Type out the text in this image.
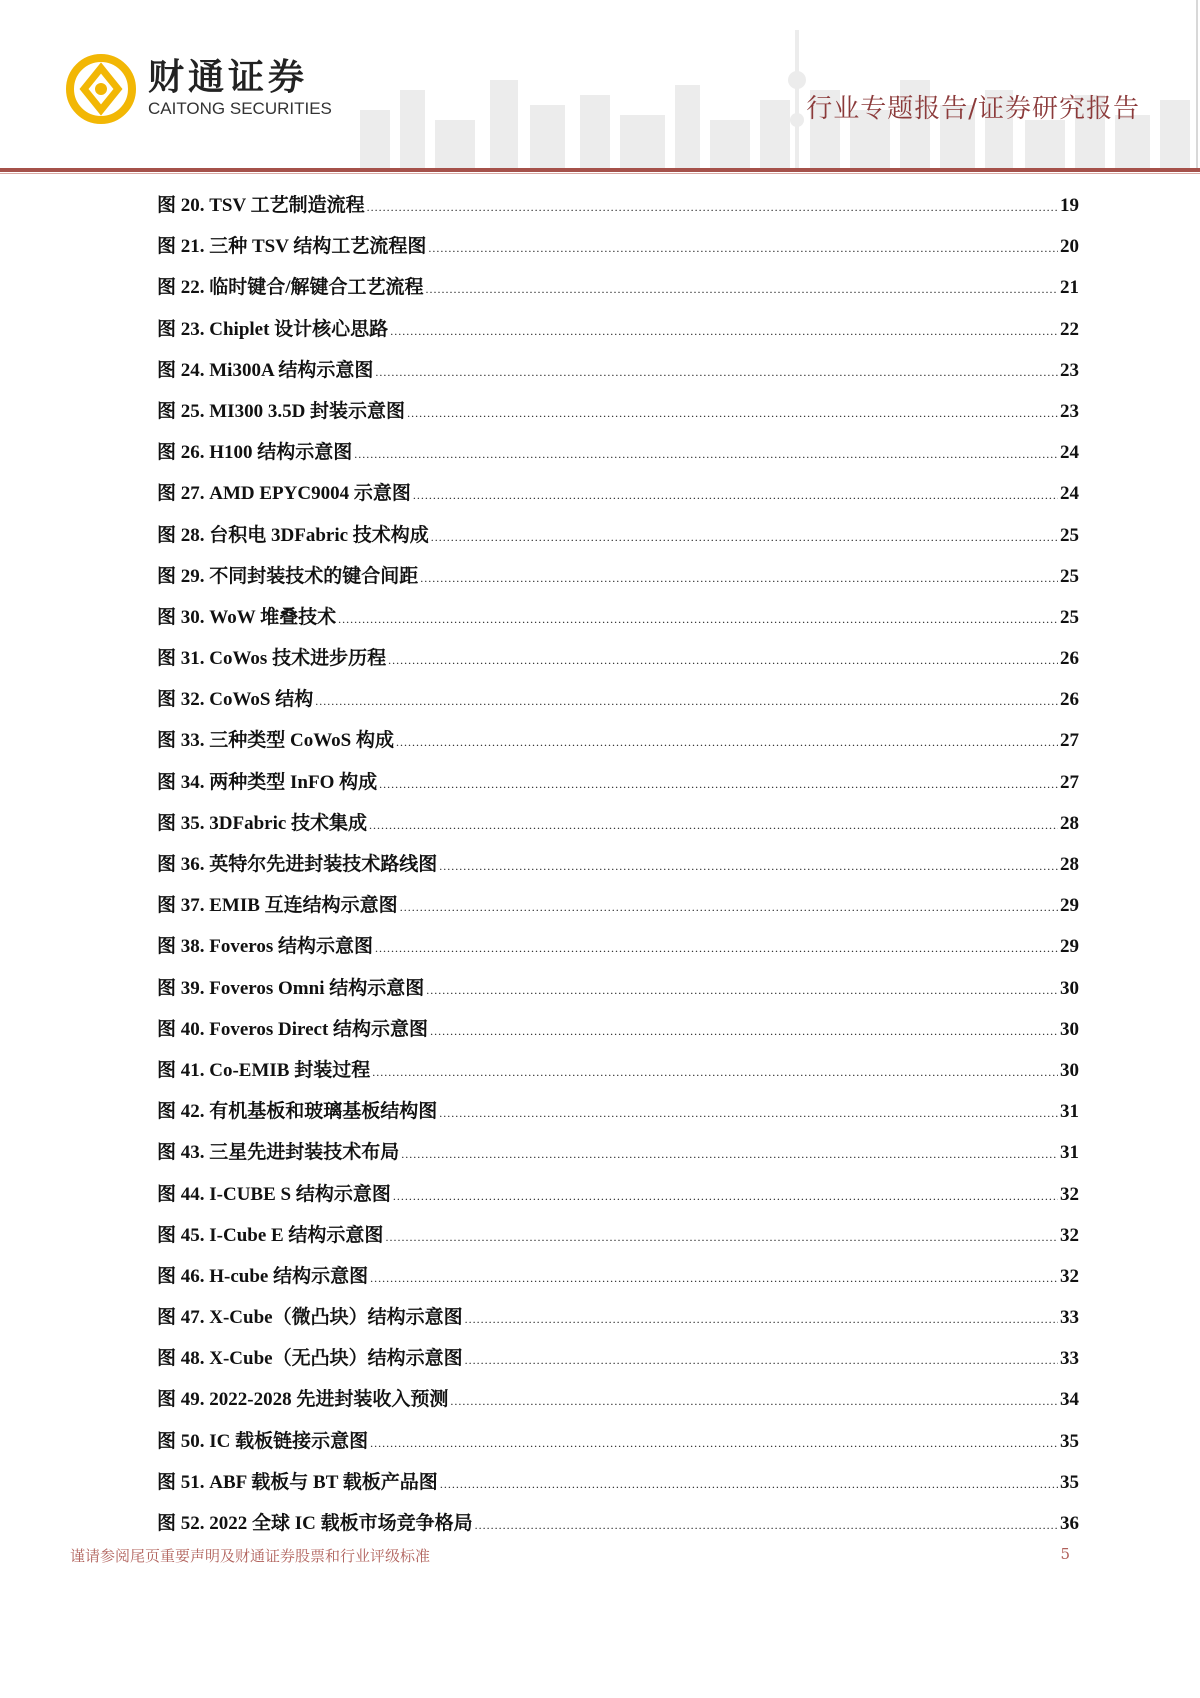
财通证券
CAITONG SECURITIES	行业专题报告/证券研究报告
图 20. TSV 工艺制造流程 .....	19
图 21. 三种 TSV 结构工艺流程图 .....	20
图 22. 临时键合/解键合工艺流程 .....	21
图 23. Chiplet 设计核心思路 .....	22
图 24. Mi300A 结构示意图 .....	23
图 25. MI300 3.5D 封装示意图 .....	23
图 26. H100 结构示意图 .....	24
图 27. AMD EPYC9004 示意图 .....	24
图 28. 台积电 3DFabric 技术构成 .....	25
图 29. 不同封装技术的键合间距 .....	25
图 30. WoW 堆叠技术 .....	25
图 31. CoWos 技术进步历程 .....	26
图 32. CoWoS 结构 .....	26
图 33. 三种类型 CoWoS 构成 .....	27
图 34. 两种类型 InFO 构成 .....	27
图 35. 3DFabric 技术集成 .....	28
图 36. 英特尔先进封装技术路线图 .....	28
图 37. EMIB 互连结构示意图 .....	29
图 38. Foveros 结构示意图 .....	29
图 39. Foveros Omni 结构示意图 .....	30
图 40. Foveros Direct 结构示意图 .....	30
图 41. Co-EMIB 封装过程 .....	30
图 42. 有机基板和玻璃基板结构图 .....	31
图 43. 三星先进封装技术布局 .....	31
图 44. I-CUBE S 结构示意图 .....	32
图 45. I-Cube E 结构示意图 .....	32
图 46. H-cube 结构示意图 .....	32
图 47. X-Cube（微凸块）结构示意图 .....	33
图 48. X-Cube（无凸块）结构示意图 .....	33
图 49. 2022-2028 先进封装收入预测 .....	34
图 50. IC 载板链接示意图 .....	35
图 51. ABF 载板与 BT 载板产品图 .....	35
图 52. 2022 全球 IC 载板市场竞争格局 .....	36
谨请参阅尾页重要声明及财通证券股票和行业评级标准	5
